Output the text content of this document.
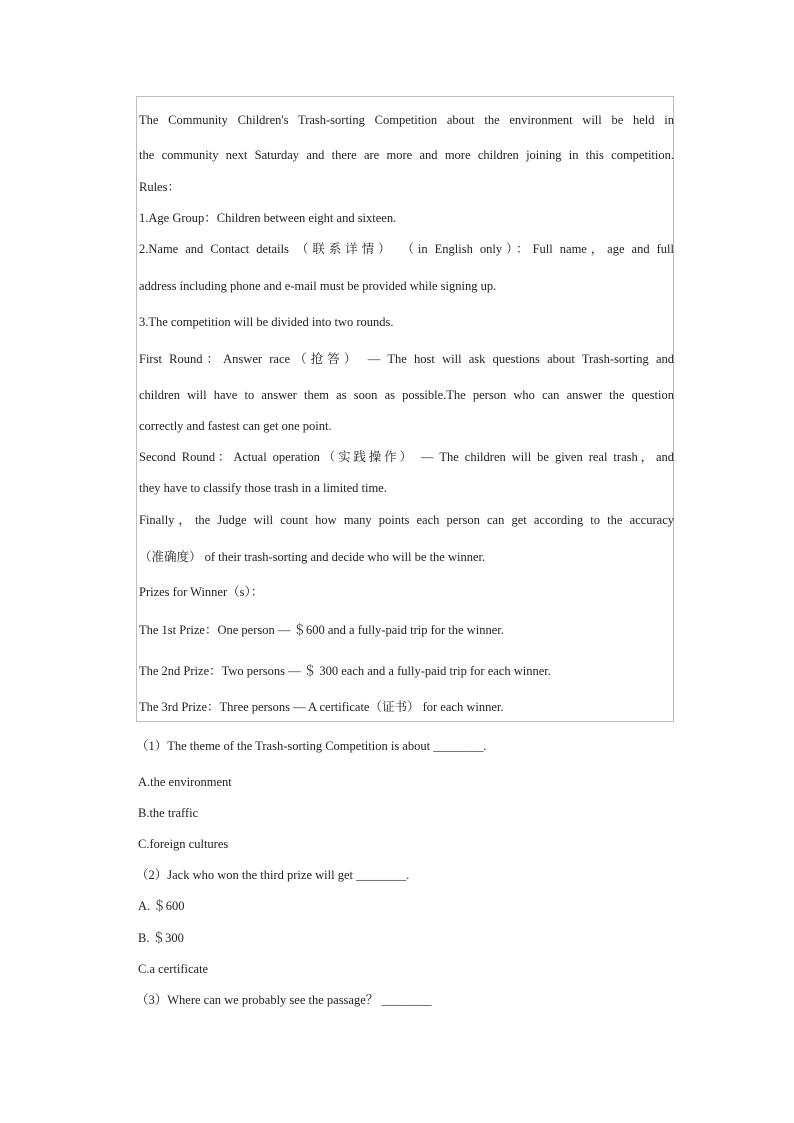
The Community Children's Trash-sorting Competition about the environment will be held in
the community next Saturday and there are more and more children joining in this competition.
Rules：
1.Age Group：Children between eight and sixteen.
2.Name and Contact details （联系详情） （in English only）：Full name，age and full
address including phone and e-mail must be provided while signing up.
3.The competition will be divided into two rounds.
First Round：Answer race（抢答） — The host will ask questions about Trash-sorting and
children will have to answer them as soon as possible.The person who can answer the question
correctly and fastest can get one point.
Second Round：Actual operation（实践操作） — The children will be given real trash，and
they have to classify those trash in a limited time.
Finally，the Judge will count how many points each person can get according to the accuracy
（准确度） of their trash-sorting and decide who will be the winner.
Prizes for Winner（s）：
The 1st Prize：One person — ＄600 and a fully-paid trip for the winner.
The 2nd Prize：Two persons — ＄ 300 each and a fully-paid trip for each winner.
The 3rd Prize：Three persons — A certificate（证书） for each winner.
（1）The theme of the Trash-sorting Competition is about ________.
A.the environment
B.the traffic
C.foreign cultures
（2）Jack who won the third prize will get ________.
A. ＄600
B. ＄300
C.a certificate
（3）Where can we probably see the passage？ ________
